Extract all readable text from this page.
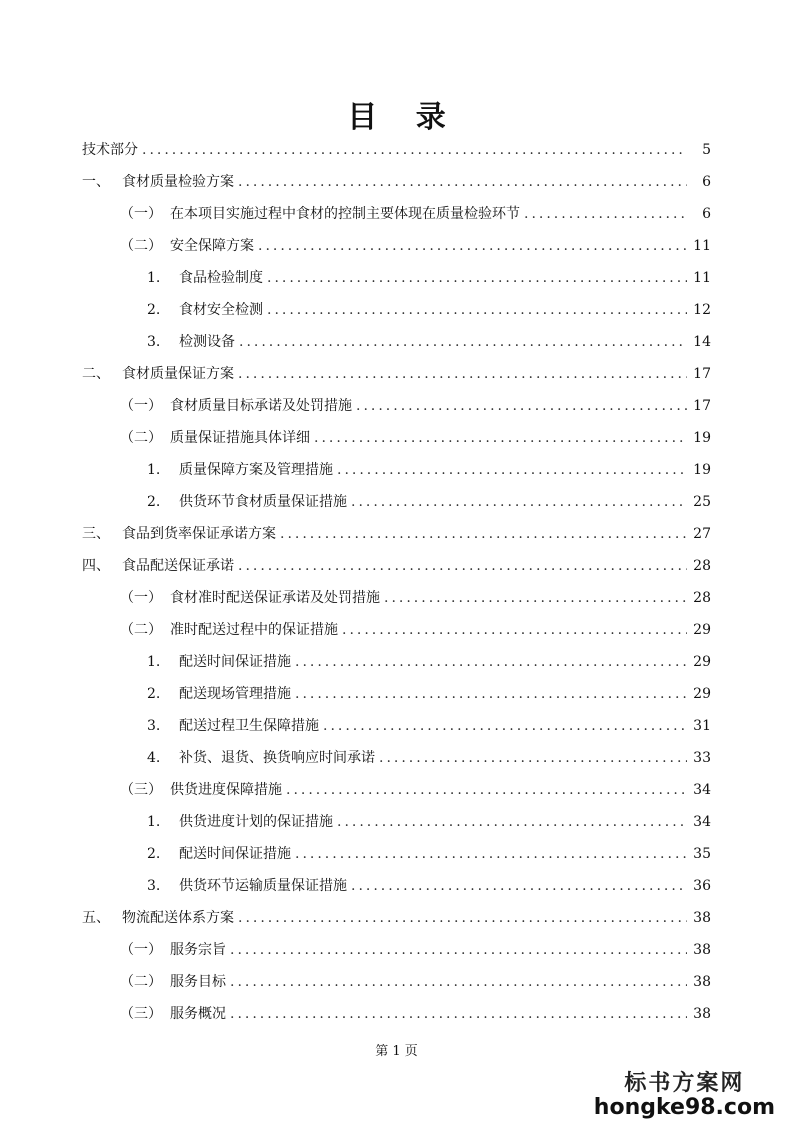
目 录
技术部分 .....	5
一、 食材质量检验方案 .....	6
（一） 在本项目实施过程中食材的控制主要体现在质量检验环节 .....	6
（二） 安全保障方案 .....	11
1.	食品检验制度 .....	11
2.	食材安全检测 .....	12
3.	检测设备 .....	14
二、 食材质量保证方案 .....	17
（一） 食材质量目标承诺及处罚措施 .....	17
（二） 质量保证措施具体详细 .....	19
1.	质量保障方案及管理措施 .....	19
2.	供货环节食材质量保证措施 .....	25
三、 食品到货率保证承诺方案 .....	27
四、 食品配送保证承诺 .....	28
（一） 食材准时配送保证承诺及处罚措施 .....	28
（二） 准时配送过程中的保证措施 .....	29
1.	配送时间保证措施 .....	29
2.	配送现场管理措施 .....	29
3.	配送过程卫生保障措施 .....	31
4.	补货、退货、换货响应时间承诺 .....	33
（三） 供货进度保障措施 .....	34
1.	供货进度计划的保证措施 .....	34
2.	配送时间保证措施 .....	35
3.	供货环节运输质量保证措施 .....	36
五、 物流配送体系方案 .....	38
（一） 服务宗旨 .....	38
（二） 服务目标 .....	38
（三） 服务概况 .....	38
第 1 页
标书方案网
hongke98.com
